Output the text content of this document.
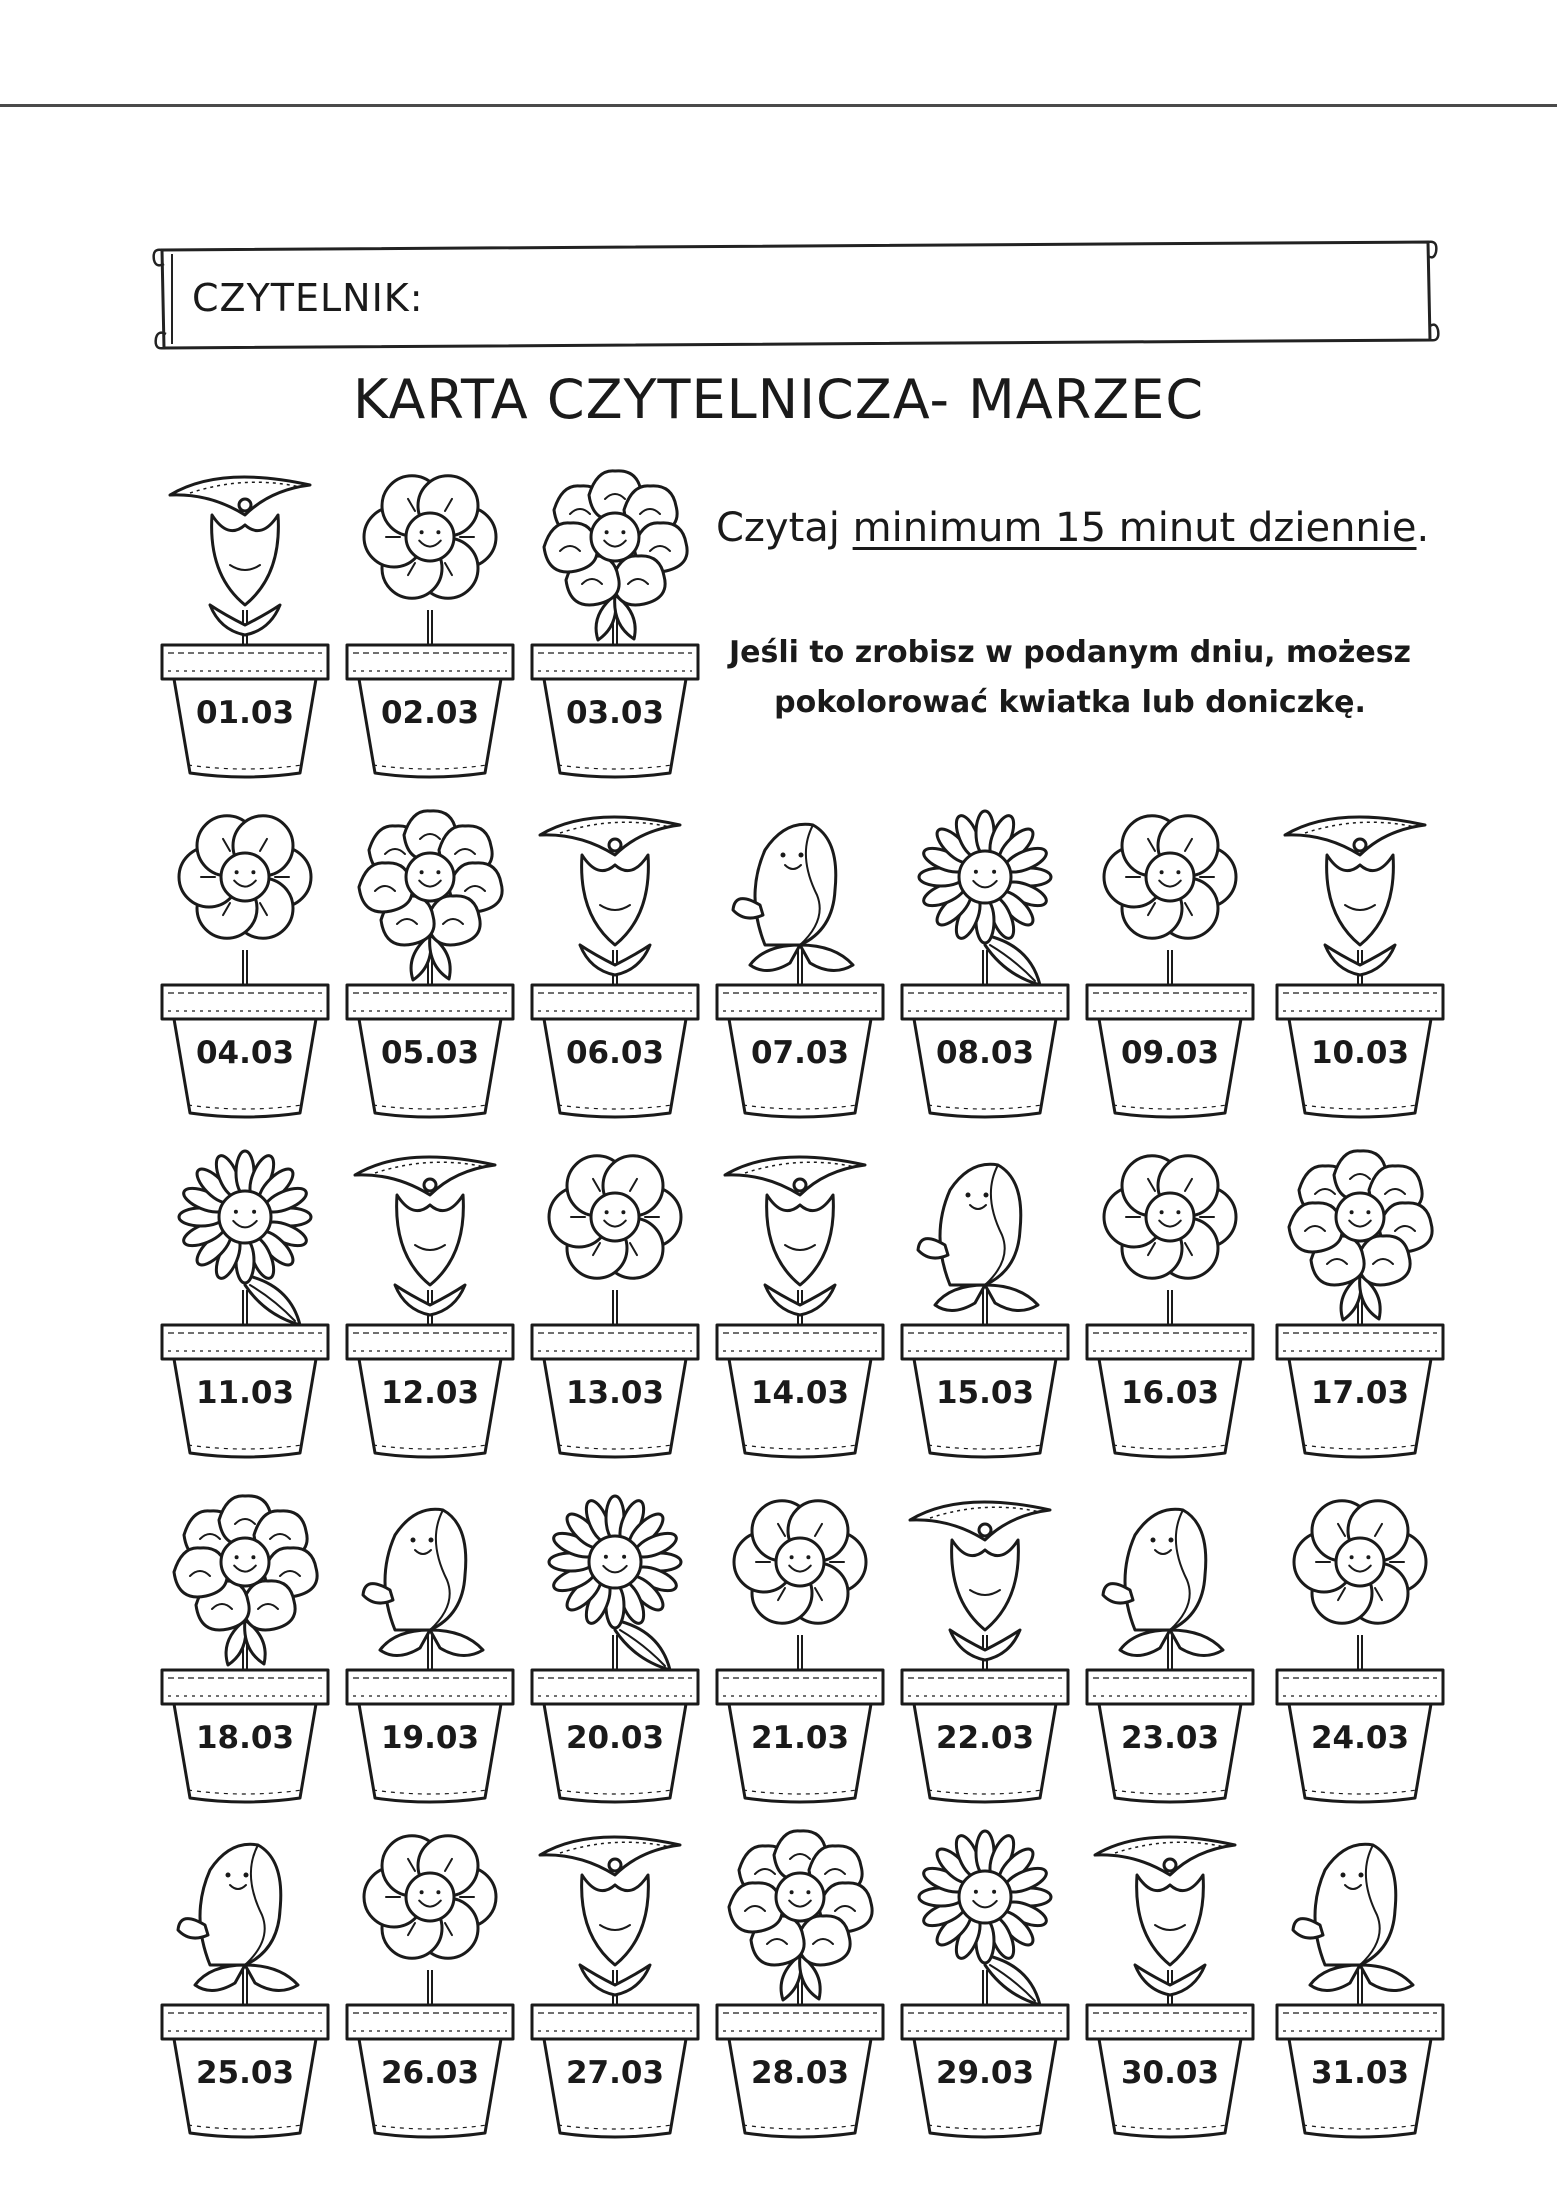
CZYTELNIK:
KARTA CZYTELNICZA- MARZEC
Czytaj minimum 15 minut dziennie.
Jeśli to zrobisz w podanym dniu, możesz
pokolorować kwiatka lub doniczkę.
01.03	02.03	03.03
04.03	05.03	06.03	07.03	08.03	09.03	10.03
11.03	12.03	13.03	14.03	15.03	16.03	17.03
18.03	19.03	20.03	21.03	22.03	23.03	24.03
25.03	26.03	27.03	28.03	29.03	30.03	31.03
